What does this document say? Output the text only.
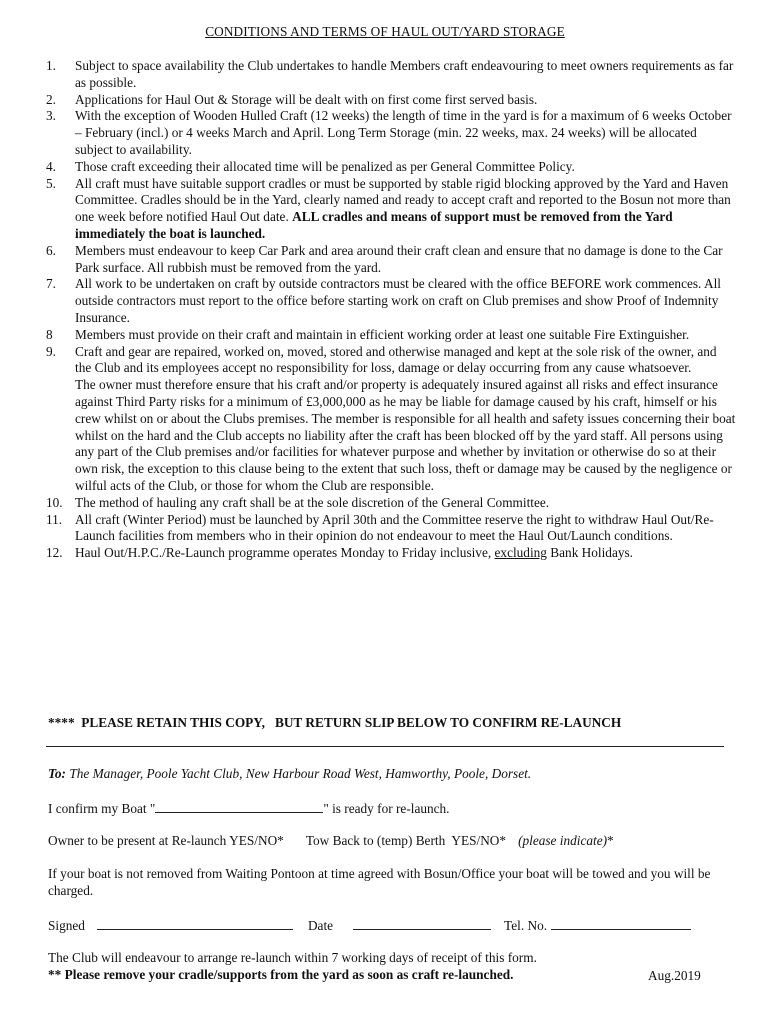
CONDITIONS AND TERMS OF HAUL OUT/YARD STORAGE
1. Subject to space availability the Club undertakes to handle Members craft endeavouring to meet owners requirements as far as possible.
2. Applications for Haul Out & Storage will be dealt with on first come first served basis.
3. With the exception of Wooden Hulled Craft (12 weeks) the length of time in the yard is for a maximum of 6 weeks October – February (incl.) or 4 weeks March and April. Long Term Storage (min. 22 weeks, max. 24 weeks) will be allocated subject to availability.
4. Those craft exceeding their allocated time will be penalized as per General Committee Policy.
5. All craft must have suitable support cradles or must be supported by stable rigid blocking approved by the Yard and Haven Committee. Cradles should be in the Yard, clearly named and ready to accept craft and reported to the Bosun not more than one week before notified Haul Out date. ALL cradles and means of support must be removed from the Yard immediately the boat is launched.
6. Members must endeavour to keep Car Park and area around their craft clean and ensure that no damage is done to the Car Park surface. All rubbish must be removed from the yard.
7. All work to be undertaken on craft by outside contractors must be cleared with the office BEFORE work commences. All outside contractors must report to the office before starting work on craft on Club premises and show Proof of Indemnity Insurance.
8 Members must provide on their craft and maintain in efficient working order at least one suitable Fire Extinguisher.
9. Craft and gear are repaired, worked on, moved, stored and otherwise managed and kept at the sole risk of the owner, and the Club and its employees accept no responsibility for loss, damage or delay occurring from any cause whatsoever.
The owner must therefore ensure that his craft and/or property is adequately insured against all risks and effect insurance against Third Party risks for a minimum of £3,000,000 as he may be liable for damage caused by his craft, himself or his crew whilst on or about the Clubs premises. The member is responsible for all health and safety issues concerning their boat whilst on the hard and the Club accepts no liability after the craft has been blocked off by the yard staff. All persons using any part of the Club premises and/or facilities for whatever purpose and whether by invitation or otherwise do so at their own risk, the exception to this clause being to the extent that such loss, theft or damage may be caused by the negligence or wilful acts of the Club, or those for whom the Club are responsible.
10. The method of hauling any craft shall be at the sole discretion of the General Committee.
11. All craft (Winter Period) must be launched by April 30th and the Committee reserve the right to withdraw Haul Out/Re-Launch facilities from members who in their opinion do not endeavour to meet the Haul Out/Launch conditions.
12. Haul Out/H.P.C./Re-Launch programme operates Monday to Friday inclusive, excluding Bank Holidays.
****  PLEASE RETAIN THIS COPY,   BUT RETURN SLIP BELOW TO CONFIRM RE-LAUNCH
To: The Manager, Poole Yacht Club, New Harbour Road West, Hamworthy, Poole, Dorset.
I confirm my Boat "	" is ready for re-launch.
Owner to be present at Re-launch YES/NO* Tow Back to (temp) Berth  YES/NO* (please indicate)*
If your boat is not removed from Waiting Pontoon at time agreed with Bosun/Office your boat will be towed and you will be charged.
Signed	Date	Tel. No.
The Club will endeavour to arrange re-launch within 7 working days of receipt of this form.
** Please remove your cradle/supports from the yard as soon as craft re-launched.	Aug.2019
